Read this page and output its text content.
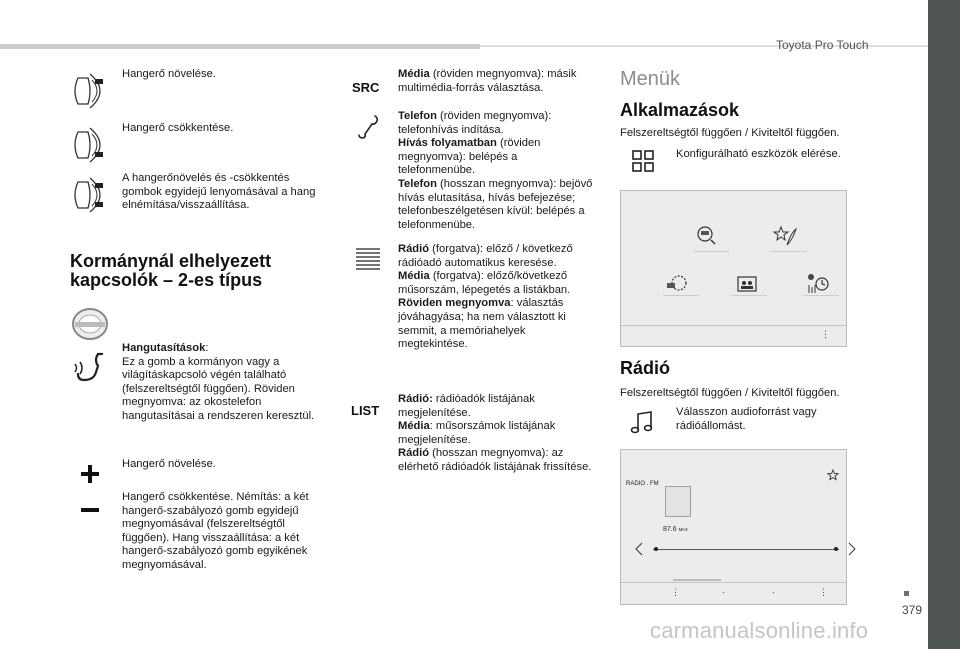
Toyota Pro Touch
Hangerő növelése.
Hangerő csökkentése.
A hangerőnövelés és -csökkentés gombok egyidejű lenyomásával a hang elnémítása/visszaállítása.
Kormánynál elhelyezett
kapcsolók – 2-es típus
Hangutasítások:
Ez a gomb a kormányon vagy a világításkapcsoló végén található (felszereltségtől függően). Röviden megnyomva: az okostelefon hangutasításai a rendszeren keresztül.
Hangerő növelése.
Hangerő csökkentése. Némítás: a két hangerő-szabályozó gomb egyidejű megnyomásával (felszereltségtől függően). Hang visszaállítása: a két hangerő-szabályozó gomb egyikének megnyomásával.
SRC
Média (röviden megnyomva): másik multimédia-forrás választása.
Telefon (röviden megnyomva): telefonhívás indítása.
Hívás folyamatban (röviden megnyomva): belépés a telefonmenübe.
Telefon (hosszan megnyomva): bejövő hívás elutasítása, hívás befejezése; telefonbeszélgetésen kívül: belépés a telefonmenübe.
Rádió (forgatva): előző / következő rádióadó automatikus keresése.
Média (forgatva): előző/következő műsorszám, lépegetés a listákban.
Röviden megnyomva: választás jóváhagyása; ha nem választott ki semmit, a memóriahelyek megtekintése.
LIST
Rádió: rádióadók listájának megjelenítése.
Média: műsorszámok listájának megjelenítése.
Rádió (hosszan megnyomva): az elérhető rádióadók listájának frissítése.
Menük
Alkalmazások
Felszereltségtől függően / Kiviteltől függően.
Konfigurálható eszközök elérése.
⋮
Rádió
Felszereltségtől függően / Kiviteltől függően.
Válasszon audioforrást vagy rádióállomást.
RADIO . FM
87.6 MHz
⋮	·	·	⋮
379
carmanualsonline.info
